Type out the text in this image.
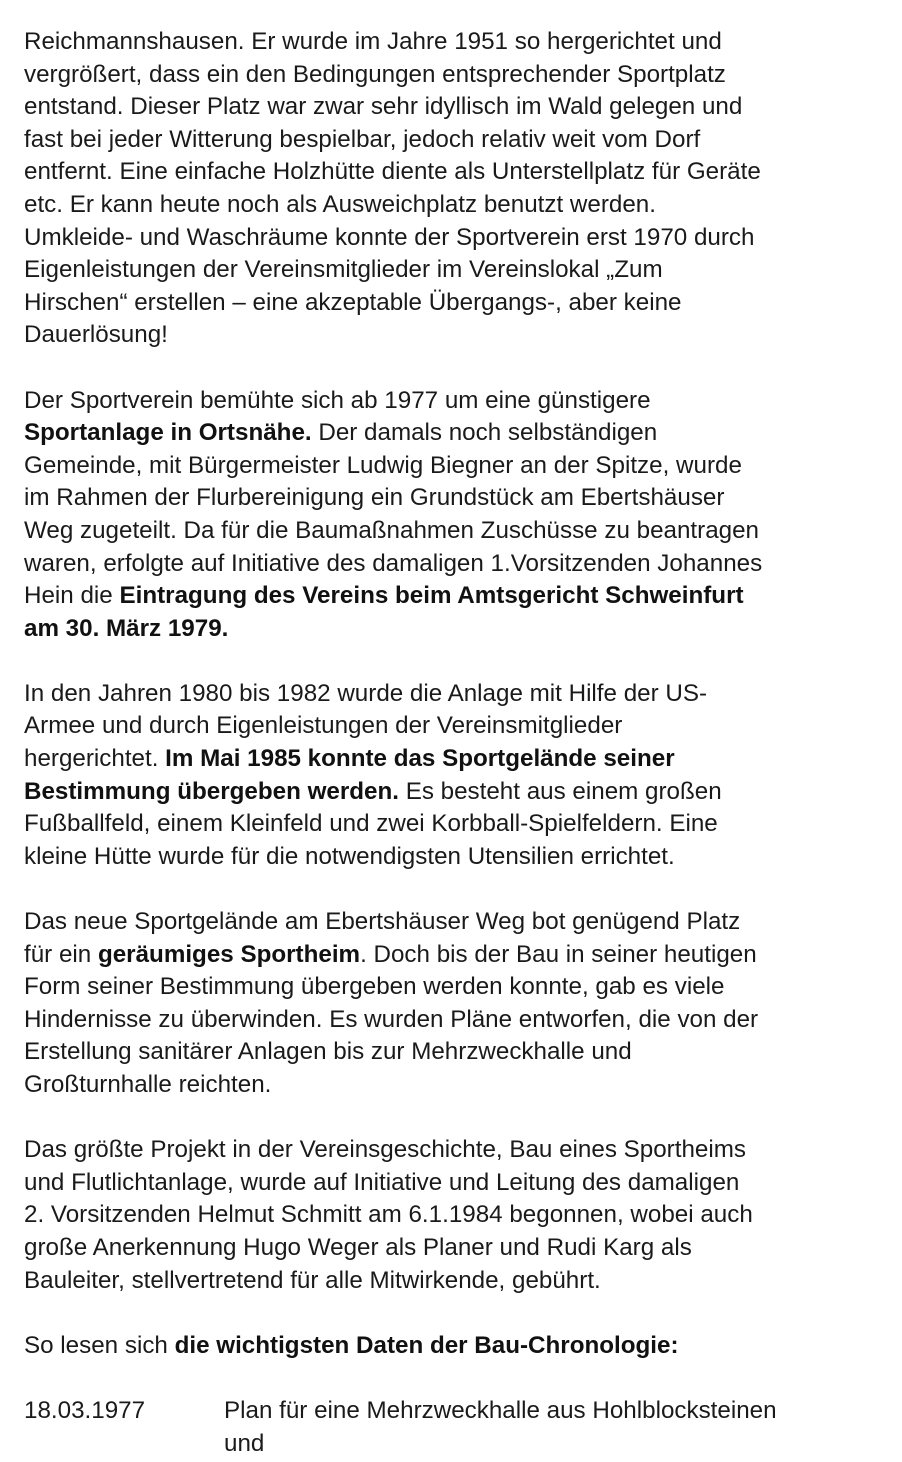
Reichmannshausen. Er wurde im Jahre 1951 so hergerichtet und
vergrößert, dass ein den Bedingungen entsprechender Sportplatz
entstand. Dieser Platz war zwar sehr idyllisch im Wald gelegen und
fast bei jeder Witterung bespielbar, jedoch relativ weit vom Dorf
entfernt. Eine einfache Holzhütte diente als Unterstellplatz für Geräte
etc. Er kann heute noch als Ausweichplatz benutzt werden.
Umkleide- und Waschräume konnte der Sportverein erst 1970 durch
Eigenleistungen der Vereinsmitglieder im Vereinslokal „Zum
Hirschen“ erstellen – eine akzeptable Übergangs-, aber keine
Dauerlösung!

Der Sportverein bemühte sich ab 1977 um eine günstigere
Sportanlage in Ortsnähe. Der damals noch selbständigen
Gemeinde, mit Bürgermeister Ludwig Biegner an der Spitze, wurde
im Rahmen der Flurbereinigung ein Grundstück am Ebertshäuser
Weg zugeteilt. Da für die Baumaßnahmen Zuschüsse zu beantragen
waren, erfolgte auf Initiative des damaligen 1.Vorsitzenden Johannes
Hein die Eintragung des Vereins beim Amtsgericht Schweinfurt
am 30. März 1979.

In den Jahren 1980 bis 1982 wurde die Anlage mit Hilfe der US-
Armee und durch Eigenleistungen der Vereinsmitglieder
hergerichtet. Im Mai 1985 konnte das Sportgelände seiner
Bestimmung übergeben werden. Es besteht aus einem großen
Fußballfeld, einem Kleinfeld und zwei Korbball-Spielfeldern. Eine
kleine Hütte wurde für die notwendigsten Utensilien errichtet.

Das neue Sportgelände am Ebertshäuser Weg bot genügend Platz
für ein geräumiges Sportheim. Doch bis der Bau in seiner heutigen
Form seiner Bestimmung übergeben werden konnte, gab es viele
Hindernisse zu überwinden. Es wurden Pläne entworfen, die von der
Erstellung sanitärer Anlagen bis zur Mehrzweckhalle und
Großturnhalle reichten.

Das größte Projekt in der Vereinsgeschichte, Bau eines Sportheims
und Flutlichtanlage, wurde auf Initiative und Leitung des damaligen
2. Vorsitzenden Helmut Schmitt am 6.1.1984 begonnen, wobei auch
große Anerkennung Hugo Weger als Planer und Rudi Karg als
Bauleiter, stellvertretend für alle Mitwirkende, gebührt.

So lesen sich die wichtigsten Daten der Bau-Chronologie:

18.03.1977	Plan für eine Mehrzweckhalle aus Hohlblocksteinen
und
